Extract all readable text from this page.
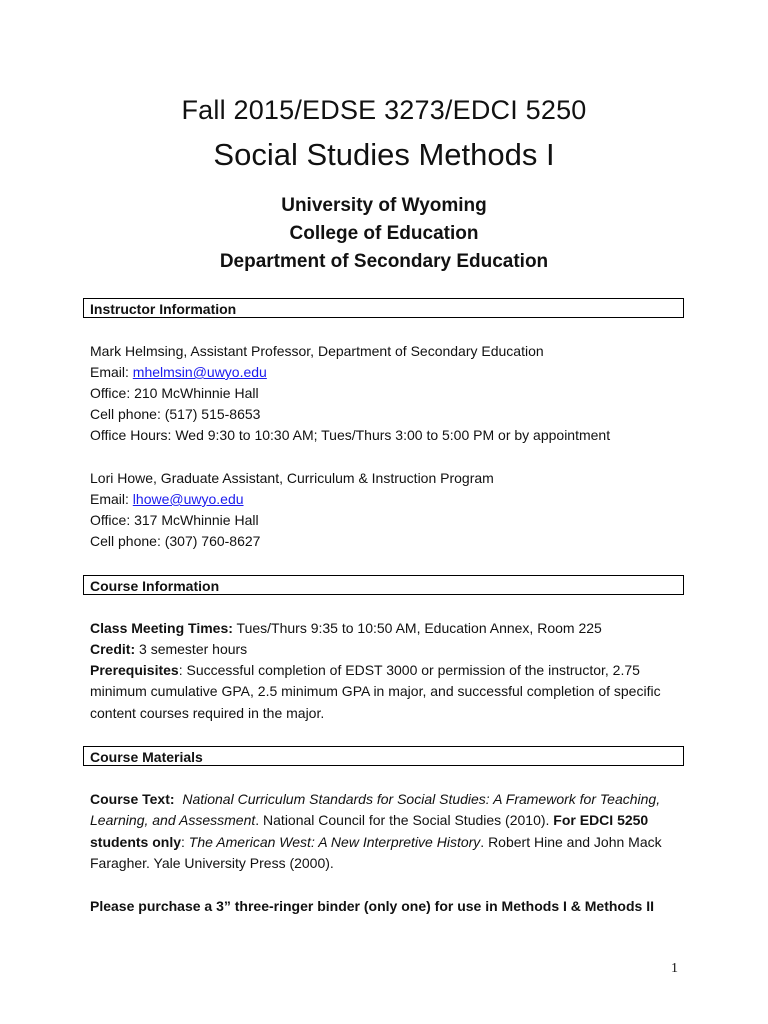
Fall 2015/EDSE 3273/EDCI 5250
Social Studies Methods I
University of Wyoming
College of Education
Department of Secondary Education
Instructor Information
Mark Helmsing, Assistant Professor, Department of Secondary Education
Email: mhelmsin@uwyo.edu
Office: 210 McWhinnie Hall
Cell phone: (517) 515-8653
Office Hours: Wed 9:30 to 10:30 AM; Tues/Thurs 3:00 to 5:00 PM or by appointment
Lori Howe, Graduate Assistant, Curriculum & Instruction Program
Email: lhowe@uwyo.edu
Office: 317 McWhinnie Hall
Cell phone: (307) 760-8627
Course Information
Class Meeting Times: Tues/Thurs 9:35 to 10:50 AM, Education Annex, Room 225
Credit: 3 semester hours
Prerequisites: Successful completion of EDST 3000 or permission of the instructor, 2.75 minimum cumulative GPA, 2.5 minimum GPA in major, and successful completion of specific content courses required in the major.
Course Materials
Course Text: National Curriculum Standards for Social Studies: A Framework for Teaching, Learning, and Assessment. National Council for the Social Studies (2010). For EDCI 5250 students only: The American West: A New Interpretive History. Robert Hine and John Mack Faragher. Yale University Press (2000).
Please purchase a 3” three-ringer binder (only one) for use in Methods I & Methods II
1
